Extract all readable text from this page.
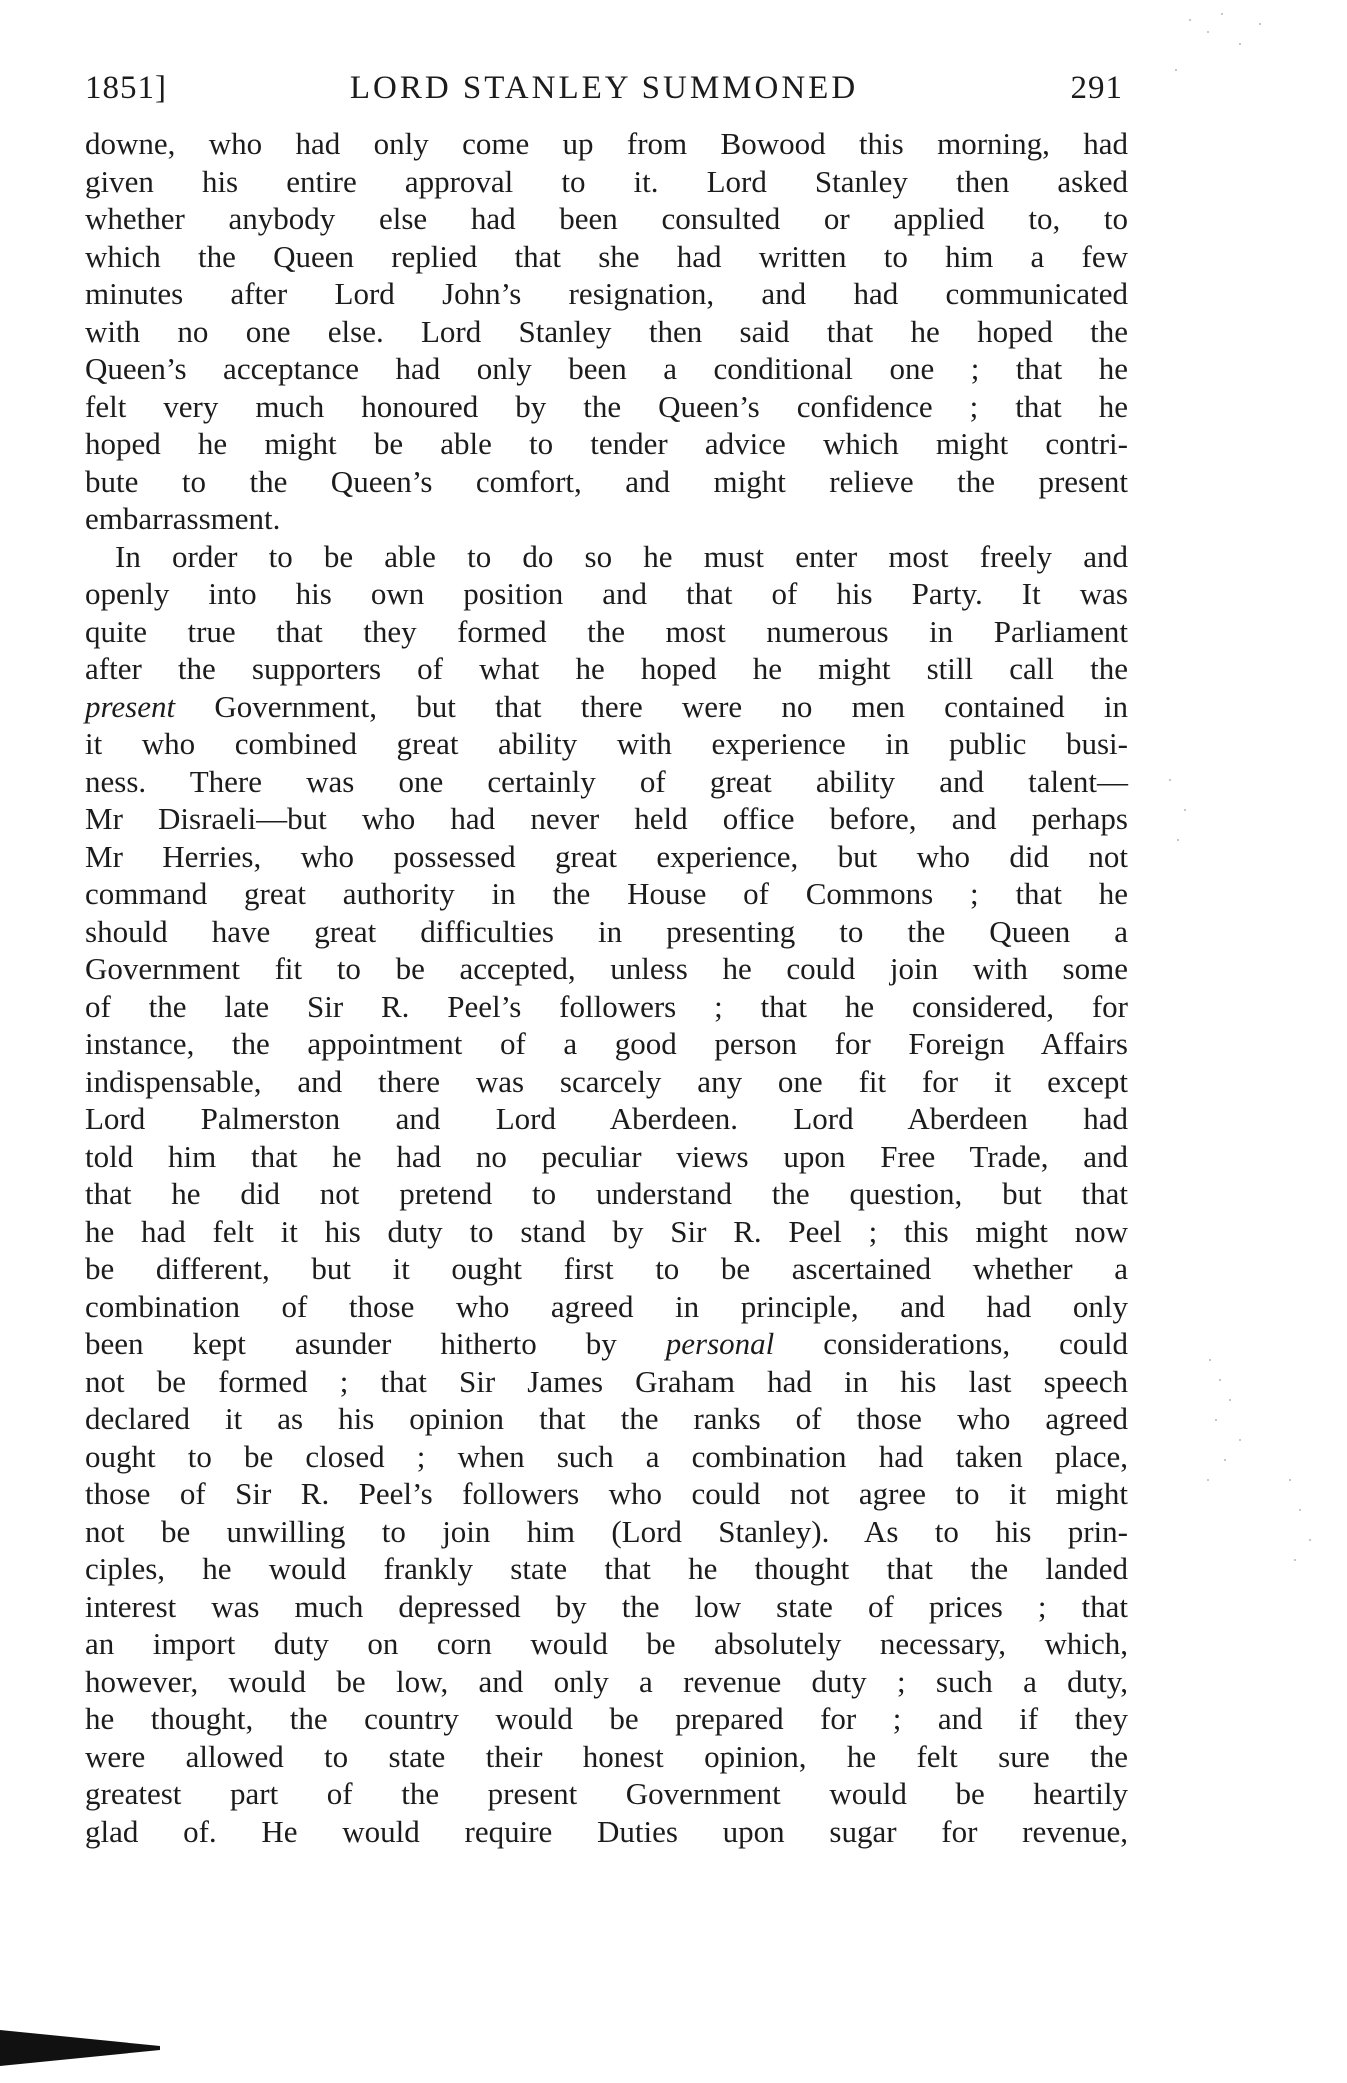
1851]	LORD STANLEY SUMMONED	291
downe, who had only come up from Bowood this morning, had
given his entire approval to it. Lord Stanley then asked
whether anybody else had been consulted or applied to, to
which the Queen replied that she had written to him a few
minutes after Lord John’s resignation, and had communicated
with no one else. Lord Stanley then said that he hoped the
Queen’s acceptance had only been a conditional one ; that he
felt very much honoured by the Queen’s confidence ; that he
hoped he might be able to tender advice which might contri-
bute to the Queen’s comfort, and might relieve the present
embarrassment.
In order to be able to do so he must enter most freely and
openly into his own position and that of his Party. It was
quite true that they formed the most numerous in Parliament
after the supporters of what he hoped he might still call the
present Government, but that there were no men contained in
it who combined great ability with experience in public busi-
ness. There was one certainly of great ability and talent—
Mr Disraeli—but who had never held office before, and perhaps
Mr Herries, who possessed great experience, but who did not
command great authority in the House of Commons ; that he
should have great difficulties in presenting to the Queen a
Government fit to be accepted, unless he could join with some
of the late Sir R. Peel’s followers ; that he considered, for
instance, the appointment of a good person for Foreign Affairs
indispensable, and there was scarcely any one fit for it except
Lord Palmerston and Lord Aberdeen. Lord Aberdeen had
told him that he had no peculiar views upon Free Trade, and
that he did not pretend to understand the question, but that
he had felt it his duty to stand by Sir R. Peel ; this might now
be different, but it ought first to be ascertained whether a
combination of those who agreed in principle, and had only
been kept asunder hitherto by personal considerations, could
not be formed ; that Sir James Graham had in his last speech
declared it as his opinion that the ranks of those who agreed
ought to be closed ; when such a combination had taken place,
those of Sir R. Peel’s followers who could not agree to it might
not be unwilling to join him (Lord Stanley). As to his prin-
ciples, he would frankly state that he thought that the landed
interest was much depressed by the low state of prices ; that
an import duty on corn would be absolutely necessary, which,
however, would be low, and only a revenue duty ; such a duty,
he thought, the country would be prepared for ; and if they
were allowed to state their honest opinion, he felt sure the
greatest part of the present Government would be heartily
glad of. He would require Duties upon sugar for revenue,
